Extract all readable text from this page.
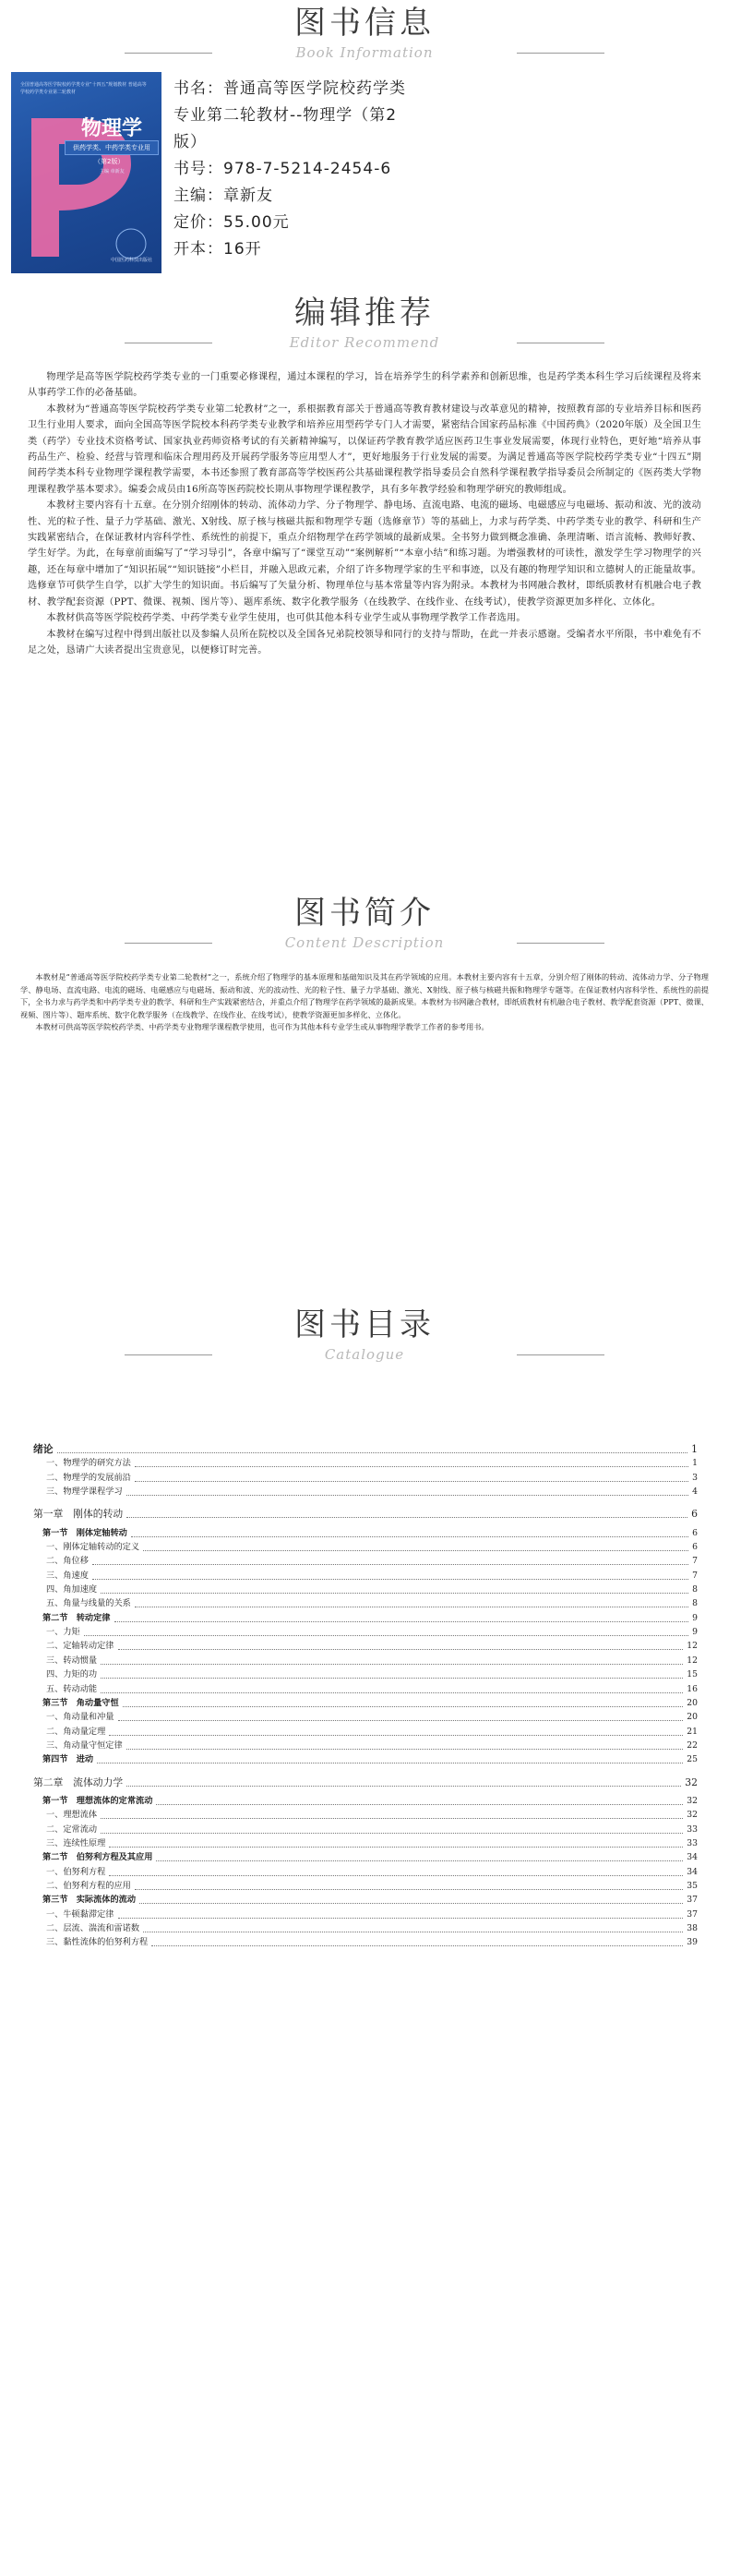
图书信息
Book Information
全国普通高等医学院校药学类专业“十四五”规划教材 普通高等学校药学类专业第二轮教材
物理学
供药学类、中药学类专业用
（第2版）
主编 章新友
中国医药科技出版社
书名：普通高等医学院校药学类
专业第二轮教材--物理学（第2
版）
书号：978-7-5214-2454-6
主编：章新友
定价：55.00元
开本：16开
编辑推荐
Editor Recommend

物理学是高等医学院校药学类专业的一门重要必修课程，通过本课程的学习，旨在培养学生的科学素养和创新思维，也是药学类本科生学习后续课程及将来从事药学工作的必备基础。

本教材为“普通高等医学院校药学类专业第二轮教材”之一，系根据教育部关于普通高等教育教材建设与改革意见的精神，按照教育部的专业培养目标和医药卫生行业用人要求，面向全国高等医学院校本科药学类专业教学和培养应用型药学专门人才需要，紧密结合国家药品标准《中国药典》（2020年版）及全国卫生类（药学）专业技术资格考试、国家执业药师资格考试的有关新精神编写，以保证药学教育教学适应医药卫生事业发展需要，体现行业特色，更好地“培养从事药品生产、检验、经营与管理和临床合理用药及开展药学服务等应用型人才”，更好地服务于行业发展的需要。为满足普通高等医学院校药学类专业“十四五”期间药学类本科专业物理学课程教学需要，本书还参照了教育部高等学校医药公共基础课程教学指导委员会自然科学课程教学指导委员会所制定的《医药类大学物理课程教学基本要求》。编委会成员由16所高等医药院校长期从事物理学课程教学，具有多年教学经验和物理学研究的教师组成。

本教材主要内容有十五章。在分别介绍刚体的转动、流体动力学、分子物理学、静电场、直流电路、电流的磁场、电磁感应与电磁场、振动和波、光的波动性、光的粒子性、量子力学基础、激光、X射线、原子核与核磁共振和物理学专题（选修章节）等的基础上，力求与药学类、中药学类专业的教学、科研和生产实践紧密结合，在保证教材内容科学性、系统性的前提下，重点介绍物理学在药学领域的最新成果。全书努力做到概念准确、条理清晰、语言流畅、教师好教、学生好学。为此，在每章前面编写了“学习导引”，各章中编写了“课堂互动”“案例解析”“本章小结”和练习题。为增强教材的可读性，激发学生学习物理学的兴趣，还在每章中增加了“知识拓展”“知识链接”小栏目，并融入思政元素，介绍了许多物理学家的生平和事迹，以及有趣的物理学知识和立德树人的正能量故事。选修章节可供学生自学，以扩大学生的知识面。书后编写了矢量分析、物理单位与基本常量等内容为附录。本教材为书网融合教材，即纸质教材有机融合电子教材、教学配套资源（PPT、微课、视频、图片等）、题库系统、数字化教学服务（在线教学、在线作业、在线考试），使教学资源更加多样化、立体化。

本教材供高等医学院校药学类、中药学类专业学生使用，也可供其他本科专业学生或从事物理学教学工作者选用。

本教材在编写过程中得到出版社以及参编人员所在院校以及全国各兄弟院校领导和同行的支持与帮助，在此一并表示感谢。受编者水平所限，书中难免有不足之处，恳请广大读者提出宝贵意见，以便修订时完善。

图书简介
Content Description

本教材是“普通高等医学院校药学类专业第二轮教材”之一，系统介绍了物理学的基本原理和基础知识及其在药学领域的应用。本教材主要内容有十五章，分别介绍了刚体的转动、流体动力学、分子物理学、静电场、直流电路、电流的磁场、电磁感应与电磁场、振动和波、光的波动性、光的粒子性、量子力学基础、激光、X射线、原子核与核磁共振和物理学专题等。在保证教材内容科学性、系统性的前提下，全书力求与药学类和中药学类专业的教学、科研和生产实践紧密结合，并重点介绍了物理学在药学领域的最新成果。本教材为书网融合教材，即纸质教材有机融合电子教材、教学配套资源（PPT、微课、视频、图片等）、题库系统、数字化教学服务（在线教学、在线作业、在线考试），使教学资源更加多样化、立体化。

本教材可供高等医学院校药学类、中药学类专业物理学课程教学使用，也可作为其他本科专业学生或从事物理学教学工作者的参考用书。

图书目录
Catalogue
绪论	1
一、物理学的研究方法	1
二、物理学的发展前沿	3
三、物理学课程学习	4
第一章　刚体的转动	6
第一节　刚体定轴转动	6
一、刚体定轴转动的定义	6
二、角位移	7
三、角速度	7
四、角加速度	8
五、角量与线量的关系	8
第二节　转动定律	9
一、力矩	9
二、定轴转动定律	12
三、转动惯量	12
四、力矩的功	15
五、转动动能	16
第三节　角动量守恒	20
一、角动量和冲量	20
二、角动量定理	21
三、角动量守恒定律	22
第四节　进动	25
第二章　流体动力学	32
第一节　理想流体的定常流动	32
一、理想流体	32
二、定常流动	33
三、连续性原理	33
第二节　伯努利方程及其应用	34
一、伯努利方程	34
二、伯努利方程的应用	35
第三节　实际流体的流动	37
一、牛顿黏滞定律	37
二、层流、湍流和雷诺数	38
三、黏性流体的伯努利方程	39
